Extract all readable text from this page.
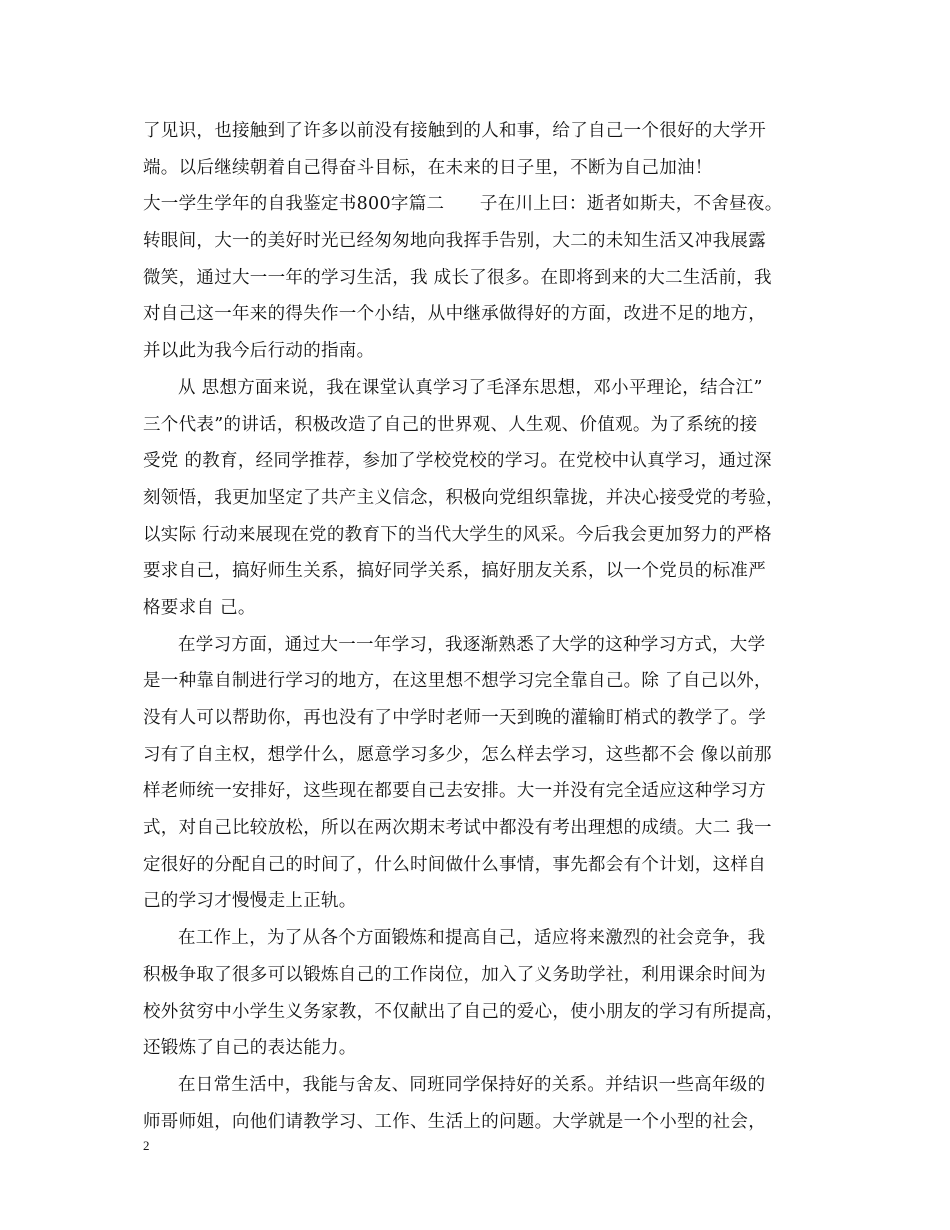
了见识，也接触到了许多以前没有接触到的人和事，给了自己一个很好的大学开
端。以后继续朝着自己得奋斗目标，在未来的日子里，不断为自己加油！
大一学生学年的自我鉴定书800字篇二　　子在川上曰：逝者如斯夫，不舍昼夜。
转眼间，大一的美好时光已经匆匆地向我挥手告别，大二的未知生活又冲我展露
微笑，通过大一一年的学习生活，我 成长了很多。在即将到来的大二生活前，我
对自己这一年来的得失作一个小结，从中继承做得好的方面，改进不足的地方，
并以此为我今后行动的指南。
从 思想方面来说，我在课堂认真学习了毛泽东思想，邓小平理论，结合江”
三个代表”的讲话，积极改造了自己的世界观、人生观、价值观。为了系统的接
受党 的教育，经同学推荐，参加了学校党校的学习。在党校中认真学习，通过深
刻领悟，我更加坚定了共产主义信念，积极向党组织靠拢，并决心接受党的考验，
以实际 行动来展现在党的教育下的当代大学生的风采。今后我会更加努力的严格
要求自己，搞好师生关系，搞好同学关系，搞好朋友关系，以一个党员的标准严
格要求自 己。
在学习方面，通过大一一年学习，我逐渐熟悉了大学的这种学习方式，大学
是一种靠自制进行学习的地方，在这里想不想学习完全靠自己。除 了自己以外，
没有人可以帮助你，再也没有了中学时老师一天到晚的灌输盯梢式的教学了。学
习有了自主权，想学什么，愿意学习多少，怎么样去学习，这些都不会 像以前那
样老师统一安排好，这些现在都要自己去安排。大一并没有完全适应这种学习方
式，对自己比较放松，所以在两次期末考试中都没有考出理想的成绩。大二 我一
定很好的分配自己的时间了，什么时间做什么事情，事先都会有个计划，这样自
己的学习才慢慢走上正轨。
在工作上，为了从各个方面锻炼和提高自己，适应将来激烈的社会竞争，我
积极争取了很多可以锻炼自己的工作岗位，加入了义务助学社，利用课余时间为
校外贫穷中小学生义务家教，不仅献出了自己的爱心，使小朋友的学习有所提高，
还锻炼了自己的表达能力。
在日常生活中，我能与舍友、同班同学保持好的关系。并结识一些高年级的
师哥师姐，向他们请教学习、工作、生活上的问题。大学就是一个小型的社会，
2
